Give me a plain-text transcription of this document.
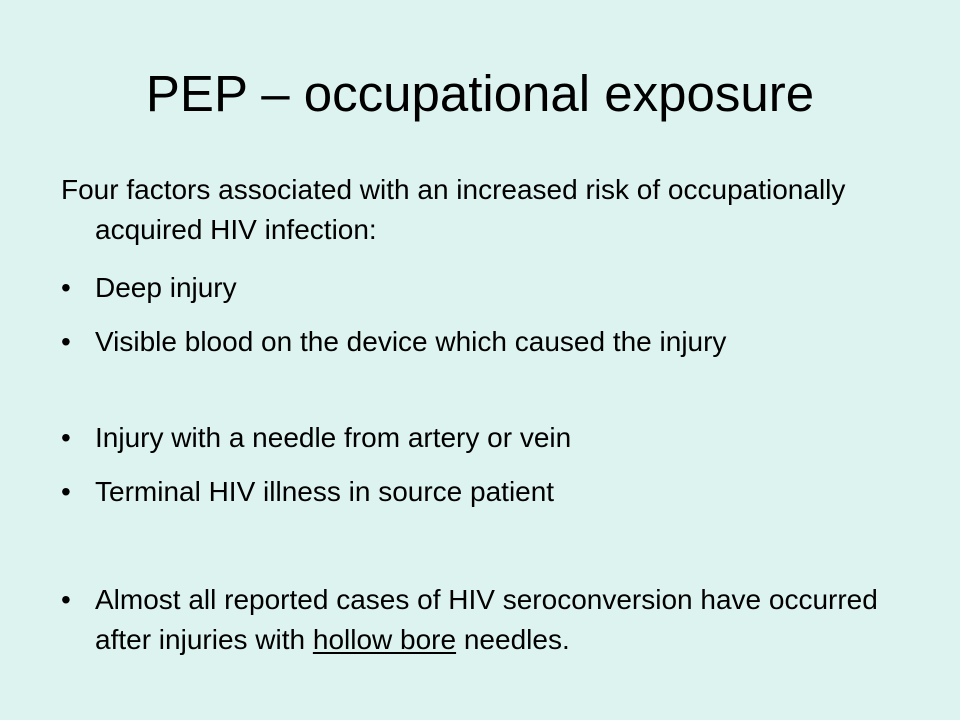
PEP – occupational exposure

Four factors associated with an increased risk of occupationally acquired HIV infection:

• Deep injury
• Visible blood on the device which caused the injury
• Injury with a needle from artery or vein
• Terminal HIV illness in source patient
• Almost all reported cases of HIV seroconversion have occurred after injuries with hollow bore needles.
